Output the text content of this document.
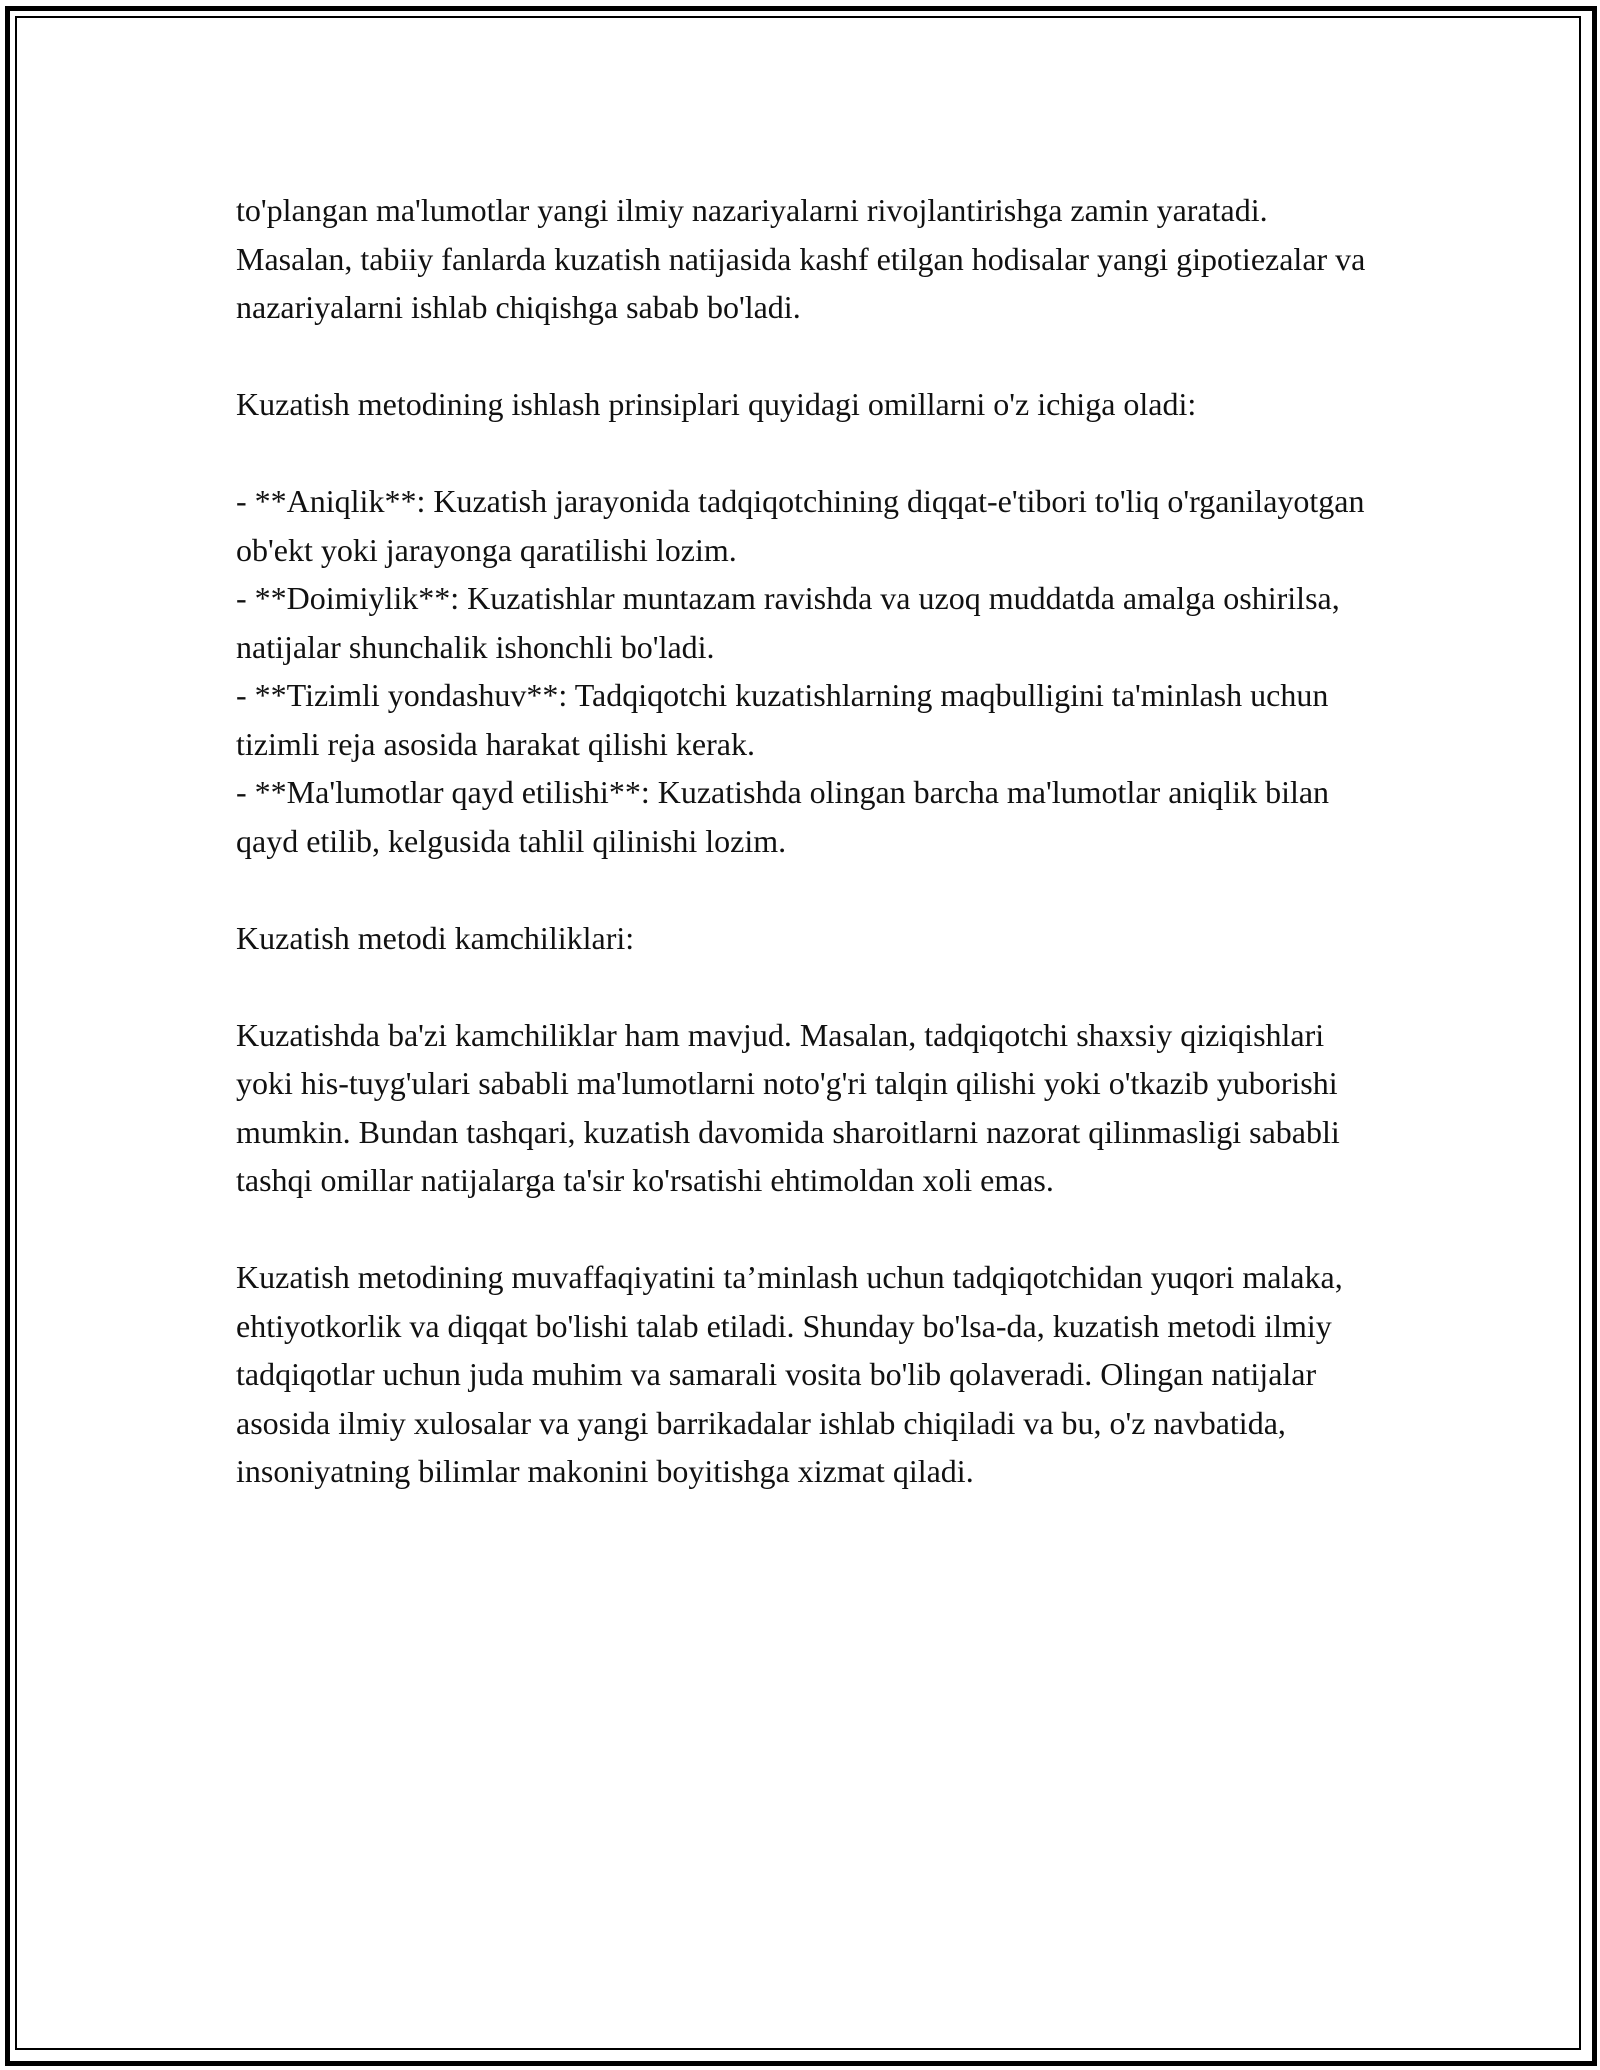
to'plangan ma'lumotlar yangi ilmiy nazariyalarni rivojlantirishga zamin yaratadi. Masalan, tabiiy fanlarda kuzatish natijasida kashf etilgan hodisalar yangi gipotiezalar va nazariyalarni ishlab chiqishga sabab bo'ladi.

Kuzatish metodining ishlash prinsiplari quyidagi omillarni o'z ichiga oladi:

- **Aniqlik**: Kuzatish jarayonida tadqiqotchining diqqat-e'tibori to'liq o'rganilayotgan ob'ekt yoki jarayonga qaratilishi lozim.
- **Doimiylik**: Kuzatishlar muntazam ravishda va uzoq muddatda amalga oshirilsa, natijalar shunchalik ishonchli bo'ladi.
- **Tizimli yondashuv**: Tadqiqotchi kuzatishlarning maqbulligini ta'minlash uchun tizimli reja asosida harakat qilishi kerak.
- **Ma'lumotlar qayd etilishi**: Kuzatishda olingan barcha ma'lumotlar aniqlik bilan qayd etilib, kelgusida tahlil qilinishi lozim.

Kuzatish metodi kamchiliklari:

Kuzatishda ba'zi kamchiliklar ham mavjud. Masalan, tadqiqotchi shaxsiy qiziqishlari yoki his-tuyg'ulari sababli ma'lumotlarni noto'g'ri talqin qilishi yoki o'tkazib yuborishi mumkin. Bundan tashqari, kuzatish davomida sharoitlarni nazorat qilinmasligi sababli tashqi omillar natijalarga ta'sir ko'rsatishi ehtimoldan xoli emas.

Kuzatish metodining muvaffaqiyatini ta’minlash uchun tadqiqotchidan yuqori malaka, ehtiyotkorlik va diqqat bo'lishi talab etiladi. Shunday bo'lsa-da, kuzatish metodi ilmiy tadqiqotlar uchun juda muhim va samarali vosita bo'lib qolaveradi. Olingan natijalar asosida ilmiy xulosalar va yangi barrikadalar ishlab chiqiladi va bu, o'z navbatida, insoniyatning bilimlar makonini boyitishga xizmat qiladi.
